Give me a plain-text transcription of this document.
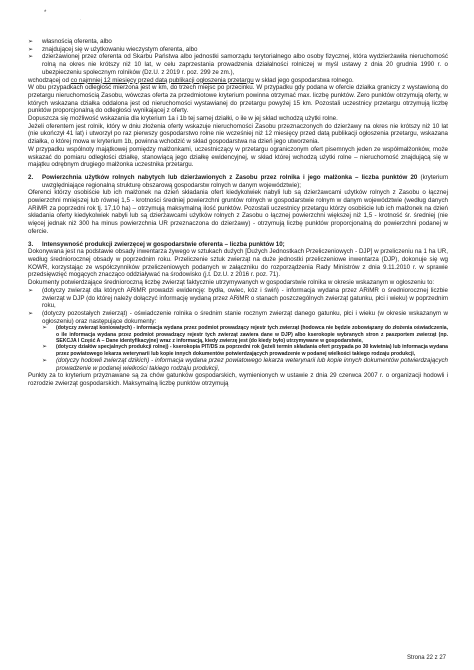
*
·
➢	własnością oferenta, albo
➢	znajdującej się w użytkowaniu wieczystym oferenta, albo
➢	dzierżawionej przez oferenta od Skarbu Państwa albo jednostki samorządu terytorialnego albo osoby fizycznej, która wydzierżawiła nieruchomość rolną na okres nie krótszy niż 10 lat, w celu zaprzestania prowadzenia działalności rolniczej w myśl ustawy z dnia 20 grudnia 1990 r. o ubezpieczeniu społecznym rolników (Dz.U. z 2019 r. poz. 299 ze zm.),

wchodzącej od co najmniej 12 miesięcy przed datą publikacji ogłoszenia przetargu w skład jego gospodarstwa rolnego.

W obu przypadkach odległość mierzona jest w km, do trzech miejsc po przecinku. W przypadku gdy podana w ofercie działka graniczy z wystawioną do przetargu nieruchomością Zasobu, wówczas oferta za przedmiotowe kryterium powinna otrzymać max. liczbę punktów. Zero punktów otrzymują oferty, w których wskazana działka oddalona jest od nieruchomości wystawianej do przetargu powyżej 15 km. Pozostali uczestnicy przetargu otrzymują liczbę punktów proporcjonalną do odległości wynikającej z oferty.

Dopuszcza się możliwość wskazania dla kryterium 1a i 1b tej samej działki, o ile w jej skład wchodzą użytki rolne.

Jeżeli oferentem jest rolnik, który w dniu złożenia oferty wskazuje nieruchomości Zasobu przeznaczonych do dzierżawy na okres nie krótszy niż 10 lat (nie ukończył 41 lat) i utworzył po raz pierwszy gospodarstwo rolne nie wcześniej niż 12 miesięcy przed datą publikacji ogłoszenia przetargu, wskazana działka, o której mowa w kryterium 1b, powinna wchodzić w skład gospodarstwa na dzień jego utworzenia.

W przypadku wspólnoty majątkowej pomiędzy małżonkami, uczestniczący w przetargu ograniczonym ofert pisemnych jeden ze współmałżonków, może wskazać do pomiaru odległości działkę, stanowiącą jego działkę ewidencyjnej, w skład której wchodzą użytki rolne – nieruchomość znajdującą się w majątku odrębnym drugiego małżonka uczestnika przetargu.

2.	Powierzchnia użytków rolnych nabytych lub dzierżawionych z Zasobu przez rolnika i jego małżonka – liczba punktów 20 (kryterium uwzględniające regionalną strukturę obszarową gospodarstw rolnych w danym województwie);

Oferenci którzy osobiście lub ich małżonek na dzień składania ofert kiedykolwiek nabyli lub są dzierżawcami użytków rolnych z Zasobu o łącznej powierzchni mniejszej lub równej 1,5 - krotności średniej powierzchni gruntów rolnych w gospodarstwie rolnym w danym województwie (według danych ARiMR za poprzedni rok tj. 17,10 ha) – otrzymują maksymalną ilość punktów. Pozostali uczestnicy przetargu którzy osobiście lub ich małżonek na dzień składania oferty kiedykolwiek nabyli lub są dzierżawcami użytków rolnych z Zasobu o łącznej powierzchni większej niż 1,5 - krotność śr. średniej (nie więcej jednak niż 300 ha minus powierzchnia UR przeznaczona do dzierżawy) - otrzymują liczbę punktów proporcjonalną do powierzchni podanej w ofercie.

3.	Intensywność produkcji zwierzęcej w gospodarstwie oferenta – liczba punktów 10;

Dokonywana jest na podstawie obsady inwentarza żywego w sztukach dużych [Dużych Jednostkach Przeliczeniowych - DJP] w przeliczeniu na 1 ha UR, według średniorocznej obsady w poprzednim roku. Przeliczenie sztuk zwierząt na duże jednostki przeliczeniowe inwentarza (DJP), dokonuje się wg KOWR, korzystając ze współczynników przeliczeniowych podanych w załączniku do rozporządzenia Rady Ministrów z dnia 9.11.2010 r. w sprawie przedsięwzięć mogących znacząco oddziaływać na środowisko (j.t. Dz.U. z 2016 r. poz. 71).

Dokumenty potwierdzające średnioroczną liczbę zwierząt faktycznie utrzymywanych w gospodarstwie rolnika w okresie wskazanym w ogłoszeniu to:

➢	(dotyczy zwierząt dla których ARiMR prowadzi ewidencję: bydła, owiec, kóz i świń) - informacja wydana przez ARiMR o średniorocznej liczbie zwierząt w DJP (do której należy dołączyć informację wydaną przez ARiMR o stanach poszczególnych zwierząt gatunku, płci i wieku) w poprzednim roku,
➢	(dotyczy pozostałych zwierząt) - oświadczenie rolnika o średnim stanie rocznym zwierząt danego gatunku, płci i wieku (w okresie wskazanym w ogłoszeniu) oraz następujące dokumenty:
➢	(dotyczy zwierząt koniowatych) - informacja wydana przez podmiot prowadzący rejestr tych zwierząt (hodowca nie będzie zobowiązany do złożenia oświadczenia, o ile informacja wydana przez podmiot prowadzący rejestr tych zwierząt zawiera dane w DJP) albo kserokopie wybranych stron z paszportem zwierząt (np. SEKCJA I Część A – Dane identyfikacyjne) wraz z informacją, kiedy zwierzę jest (do kiedy było) utrzymywane w gospodarstwie,
➢	(dotyczy działów specjalnych produkcji rolnej) - kserokopia PIT/DS za poprzedni rok (jeżeli termin składania ofert przypada po 30 kwietnia) lub informacja wydana przez powiatowego lekarza weterynarii lub kopie innych dokumentów potwierdzających prowadzenie w podanej wielkości takiego rodzaju produkcji,
➢	(dotyczy hodowli zwierząt dzikich) - informacja wydana przez powiatowego lekarza weterynarii lub kopie innych dokumentów potwierdzających prowadzenie w podanej wielkości takiego rodzaju produkcji,

Punkty za to kryterium przyznawane są za chów gatunków gospodarskich, wymienionych w ustawie z dnia 29 czerwca 2007 r. o organizacji hodowli i rozrodzie zwierząt gospodarskich. Maksymalną liczbę punktów otrzymują

Strona 22 z 27
